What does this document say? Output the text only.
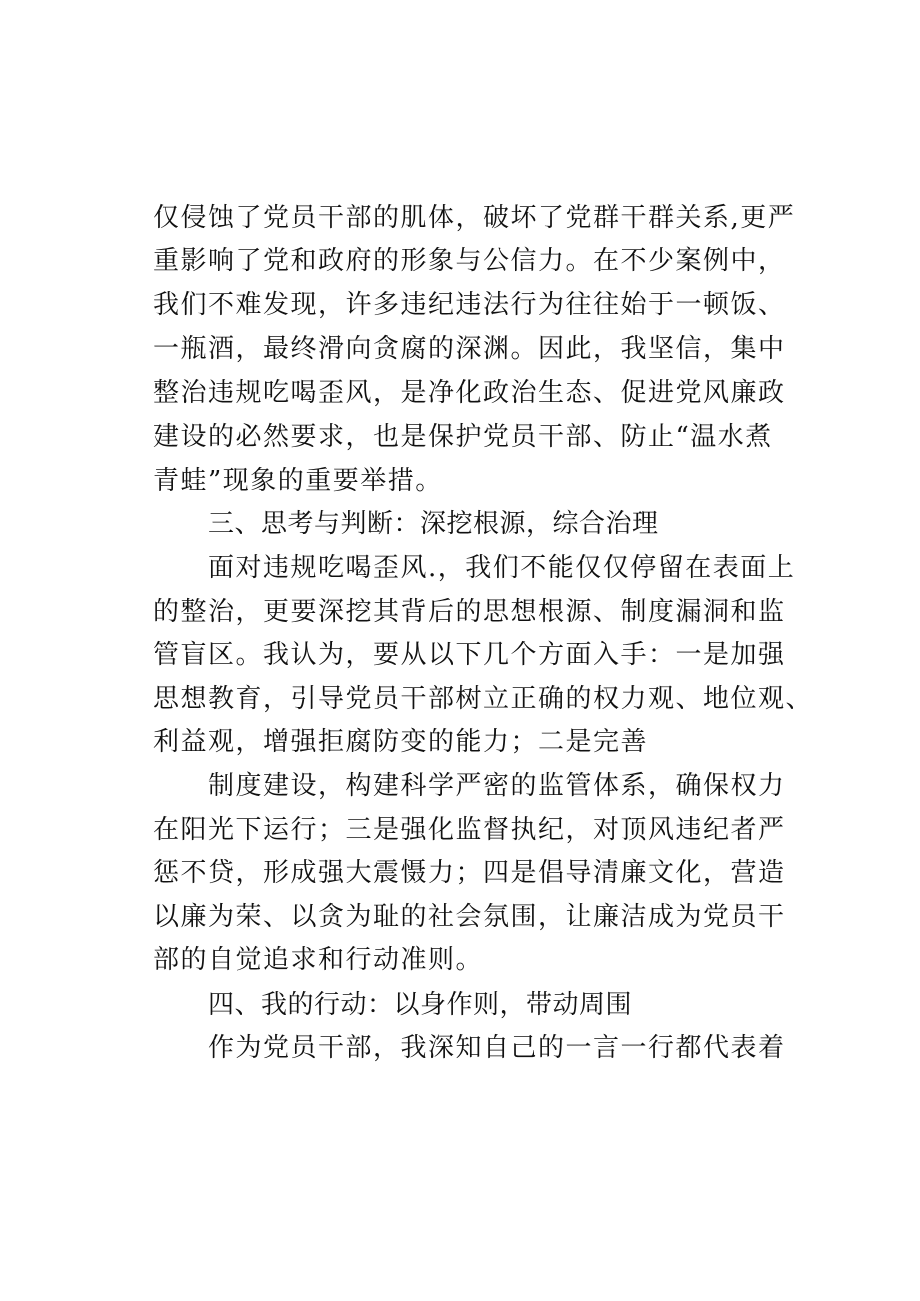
仅侵蚀了党员干部的肌体，破坏了党群干群关系,更严
重影响了党和政府的形象与公信力。在不少案例中，
我们不难发现，许多违纪违法行为往往始于一顿饭、
一瓶酒，最终滑向贪腐的深渊。因此，我坚信，集中
整治违规吃喝歪风，是净化政治生态、促进党风廉政
建设的必然要求，也是保护党员干部、防止“温水煮
青蛙”现象的重要举措。
三、思考与判断：深挖根源，综合治理
面对违规吃喝歪风.，我们不能仅仅停留在表面上
的整治，更要深挖其背后的思想根源、制度漏洞和监
管盲区。我认为，要从以下几个方面入手：一是加强
思想教育，引导党员干部树立正确的权力观、地位观、
利益观，增强拒腐防变的能力；二是完善
制度建设，构建科学严密的监管体系，确保权力
在阳光下运行；三是强化监督执纪，对顶风违纪者严
惩不贷，形成强大震慑力；四是倡导清廉文化，营造
以廉为荣、以贪为耻的社会氛围，让廉洁成为党员干
部的自觉追求和行动准则。
四、我的行动：以身作则，带动周围
作为党员干部，我深知自己的一言一行都代表着
